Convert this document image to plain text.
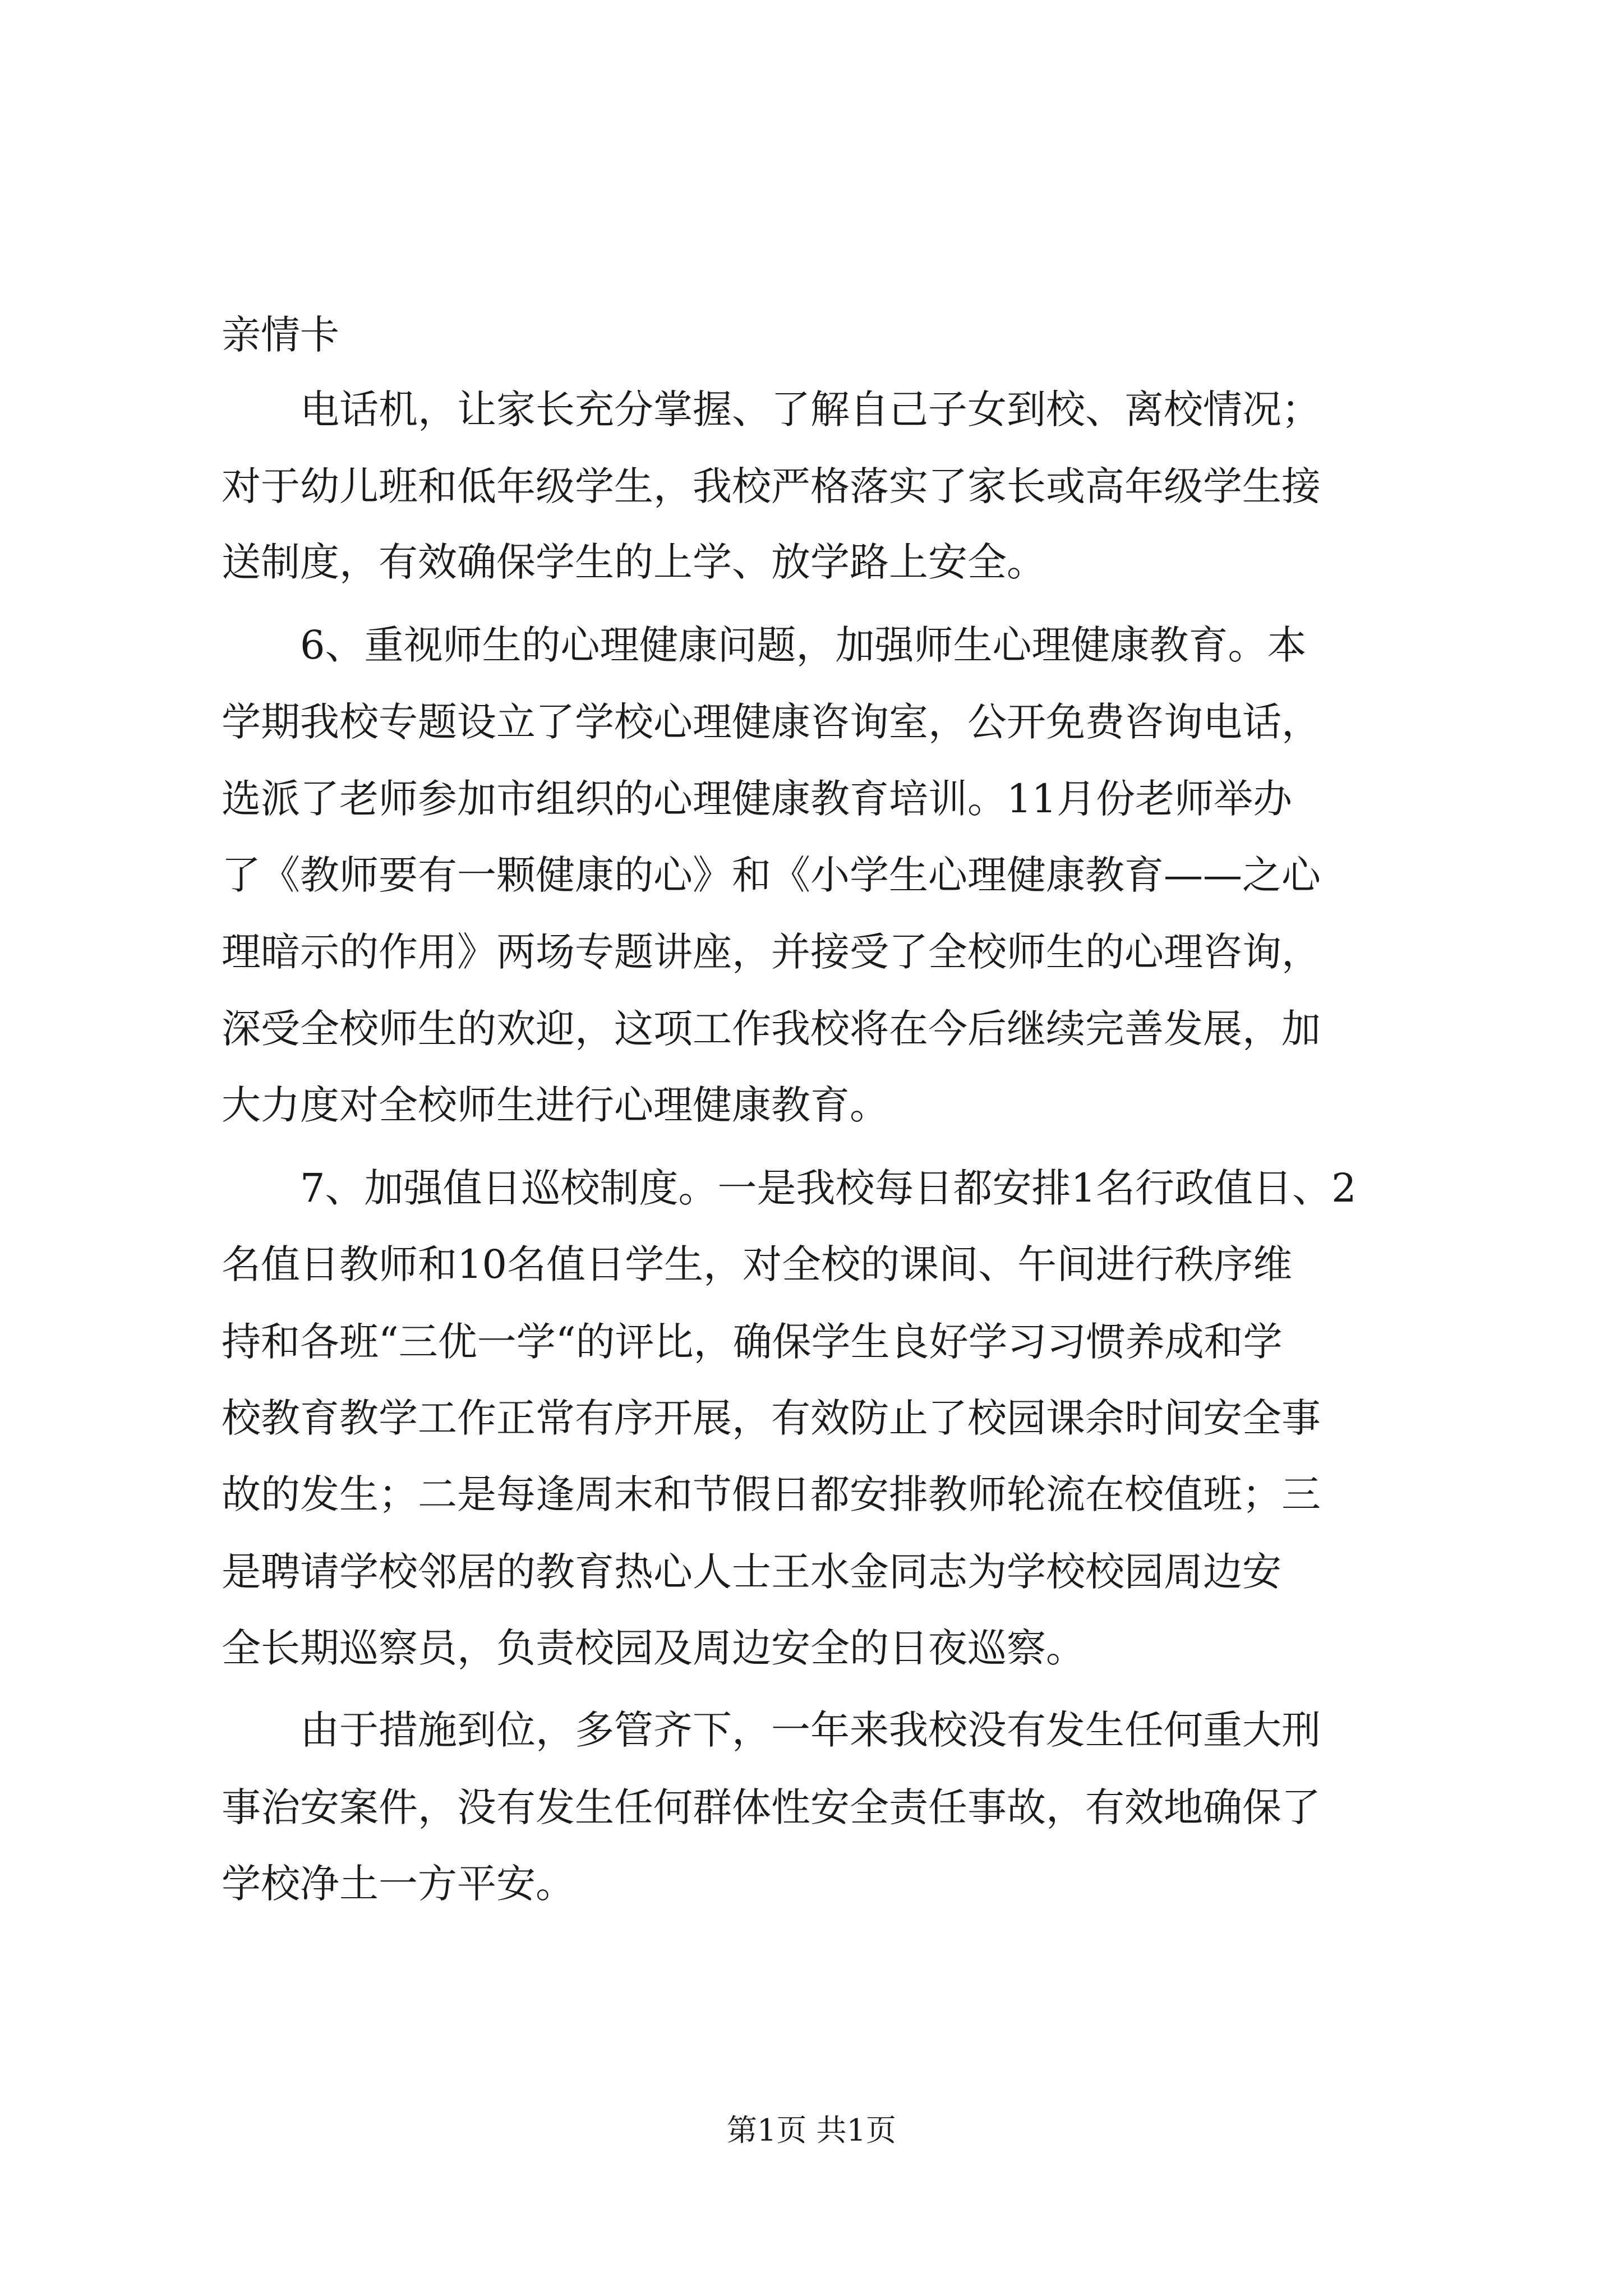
亲情卡
　　电话机，让家长充分掌握、了解自己子女到校、离校情况；
对于幼儿班和低年级学生，我校严格落实了家长或高年级学生接
送制度，有效确保学生的上学、放学路上安全。
　　6、重视师生的心理健康问题，加强师生心理健康教育。本
学期我校专题设立了学校心理健康咨询室，公开免费咨询电话，
选派了老师参加市组织的心理健康教育培训。11月份老师举办
了《教师要有一颗健康的心》和《小学生心理健康教育——之心
理暗示的作用》两场专题讲座，并接受了全校师生的心理咨询，
深受全校师生的欢迎，这项工作我校将在今后继续完善发展，加
大力度对全校师生进行心理健康教育。
　　7、加强值日巡校制度。一是我校每日都安排1名行政值日、2
名值日教师和10名值日学生，对全校的课间、午间进行秩序维
持和各班“三优一学“的评比，确保学生良好学习习惯养成和学
校教育教学工作正常有序开展，有效防止了校园课余时间安全事
故的发生；二是每逢周末和节假日都安排教师轮流在校值班；三
是聘请学校邻居的教育热心人士王水金同志为学校校园周边安
全长期巡察员，负责校园及周边安全的日夜巡察。
　　由于措施到位，多管齐下，一年来我校没有发生任何重大刑
事治安案件，没有发生任何群体性安全责任事故，有效地确保了
学校净土一方平安。
第1页 共1页
